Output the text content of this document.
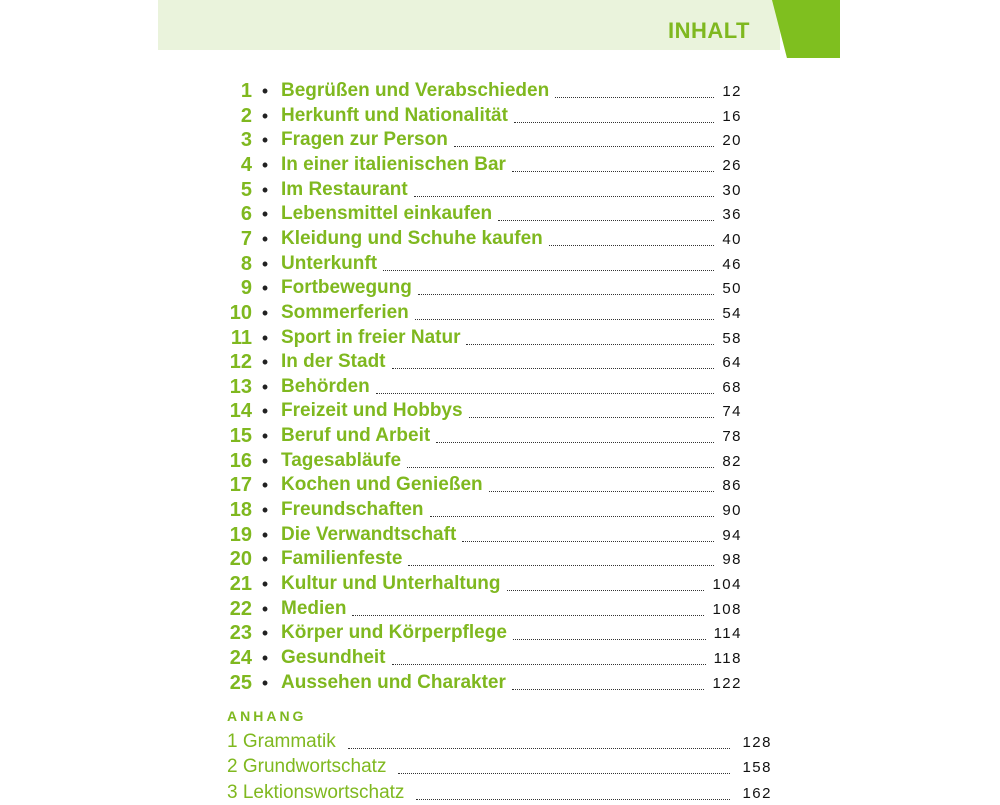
INHALT
1 • Begrüßen und Verabschieden	12
2 • Herkunft und Nationalität	16
3 • Fragen zur Person	20
4 • In einer italienischen Bar	26
5 • Im Restaurant	30
6 • Lebensmittel einkaufen	36
7 • Kleidung und Schuhe kaufen	40
8 • Unterkunft	46
9 • Fortbewegung	50
10 • Sommerferien	54
11 • Sport in freier Natur	58
12 • In der Stadt	64
13 • Behörden	68
14 • Freizeit und Hobbys	74
15 • Beruf und Arbeit	78
16 • Tagesabläufe	82
17 • Kochen und Genießen	86
18 • Freundschaften	90
19 • Die Verwandtschaft	94
20 • Familienfeste	98
21 • Kultur und Unterhaltung	104
22 • Medien	108
23 • Körper und Körperpflege	114
24 • Gesundheit	118
25 • Aussehen und Charakter	122
ANHANG
1 Grammatik	128
2 Grundwortschatz	158
3 Lektionswortschatz	162
